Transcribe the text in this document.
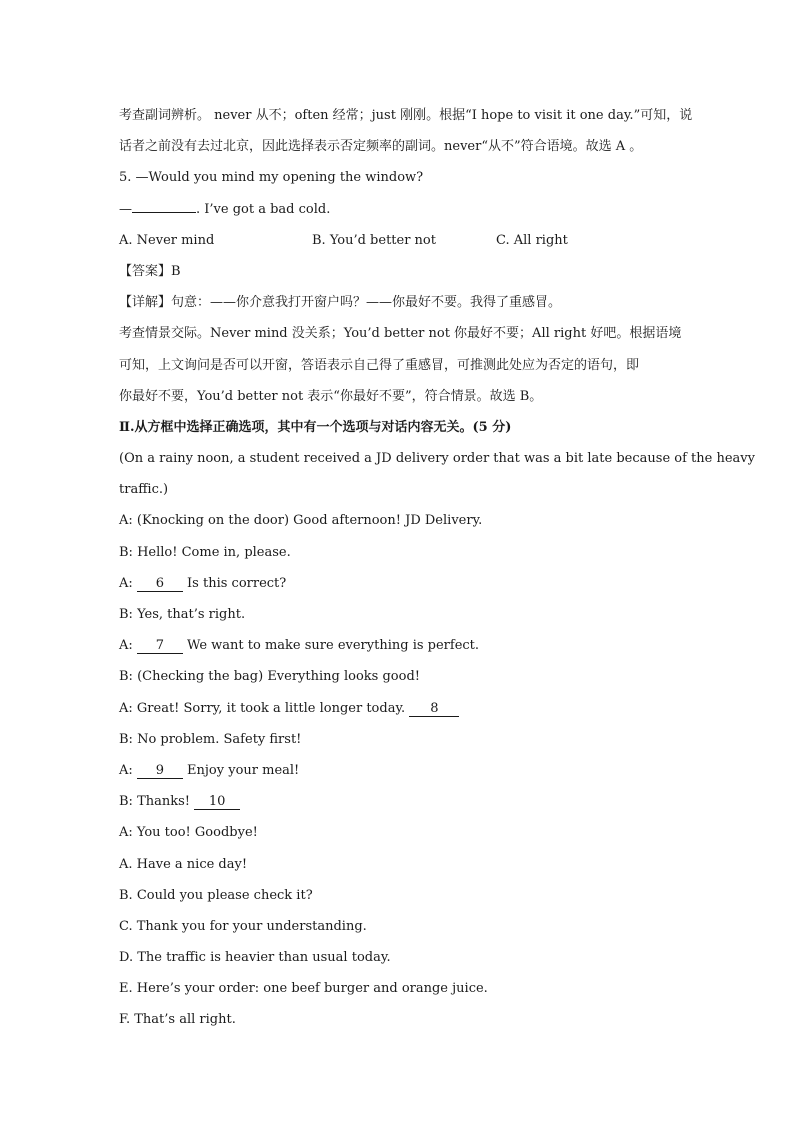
考查副词辨析。 never 从不；often 经常；just 刚刚。根据“I hope to visit it one day.”可知，说
话者之前没有去过北京，因此选择表示否定频率的副词。never“从不”符合语境。故选 A 。
5. —Would you mind my opening the window?
—	. I’ve got a bad cold.
A. Never mind	B. You’d better not	C. All right
【答案】B
【详解】句意：——你介意我打开窗户吗？——你最好不要。我得了重感冒。
考查情景交际。Never mind 没关系；You’d better not 你最好不要；All right 好吧。根据语境
可知，上文询问是否可以开窗，答语表示自己得了重感冒，可推测此处应为否定的语句，即
你最好不要，You’d better not 表示“你最好不要”，符合情景。故选 B。
Ⅱ.从方框中选择正确选项，其中有一个选项与对话内容无关。(5 分)
(On a rainy noon, a student received a JD delivery order that was a bit late because of the heavy
traffic.)
A: (Knocking on the door) Good afternoon! JD Delivery.
B: Hello! Come in, please.
A: 6 Is this correct?
B: Yes, that’s right.
A: 7 We want to make sure everything is perfect.
B: (Checking the bag) Everything looks good!
A: Great! Sorry, it took a little longer today. 8
B: No problem. Safety first!
A: 9 Enjoy your meal!
B: Thanks! 10
A: You too! Goodbye!
A. Have a nice day!
B. Could you please check it?
C. Thank you for your understanding.
D. The traffic is heavier than usual today.
E. Here’s your order: one beef burger and orange juice.
F. That’s all right.
